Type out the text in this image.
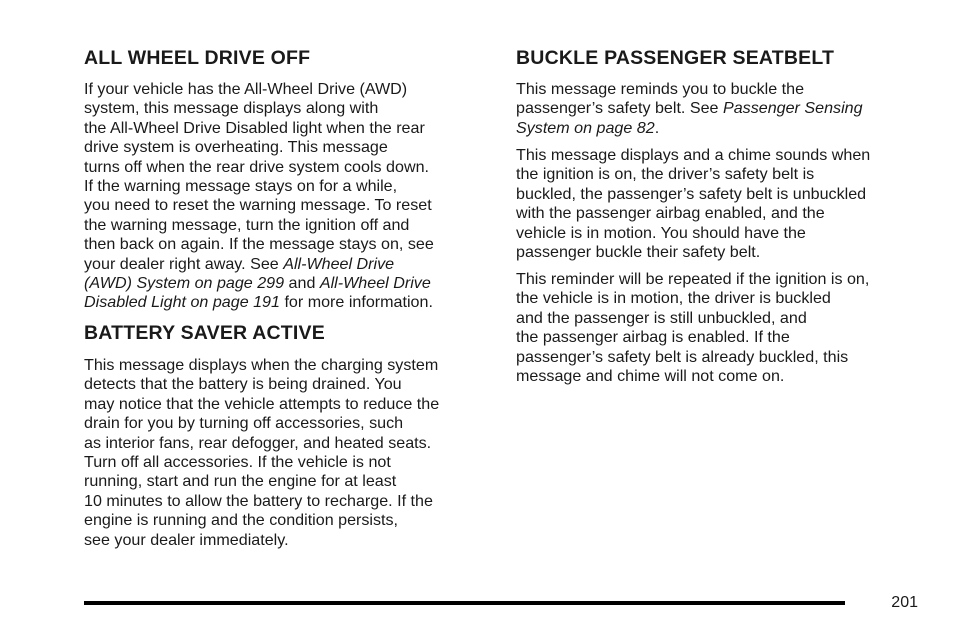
ALL WHEEL DRIVE OFF

If your vehicle has the All-Wheel Drive (AWD)
system, this message displays along with
the All-Wheel Drive Disabled light when the rear
drive system is overheating. This message
turns off when the rear drive system cools down.
If the warning message stays on for a while,
you need to reset the warning message. To reset
the warning message, turn the ignition off and
then back on again. If the message stays on, see
your dealer right away. See All-Wheel Drive
(AWD) System on page 299 and All-Wheel Drive
Disabled Light on page 191 for more information.

BATTERY SAVER ACTIVE

This message displays when the charging system
detects that the battery is being drained. You
may notice that the vehicle attempts to reduce the
drain for you by turning off accessories, such
as interior fans, rear defogger, and heated seats.
Turn off all accessories. If the vehicle is not
running, start and run the engine for at least
10 minutes to allow the battery to recharge. If the
engine is running and the condition persists,
see your dealer immediately.

BUCKLE PASSENGER SEATBELT

This message reminds you to buckle the
passenger’s safety belt. See Passenger Sensing
System on page 82.

This message displays and a chime sounds when
the ignition is on, the driver’s safety belt is
buckled, the passenger’s safety belt is unbuckled
with the passenger airbag enabled, and the
vehicle is in motion. You should have the
passenger buckle their safety belt.

This reminder will be repeated if the ignition is on,
the vehicle is in motion, the driver is buckled
and the passenger is still unbuckled, and
the passenger airbag is enabled. If the
passenger’s safety belt is already buckled, this
message and chime will not come on.

201
